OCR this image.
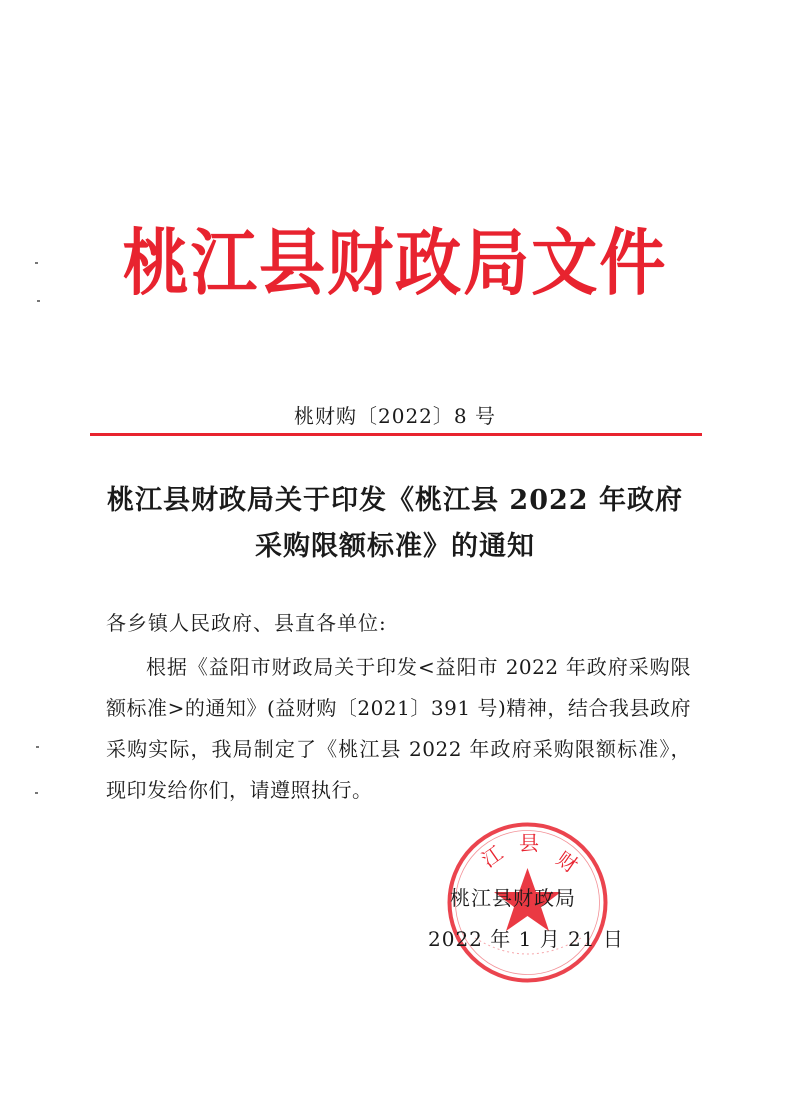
桃江县财政局文件
桃财购〔2022〕8 号
桃江县财政局关于印发《桃江县 2022 年政府
采购限额标准》的通知
各乡镇人民政府、县直各单位:
根据《益阳市财政局关于印发<益阳市 2022 年政府采购限额标准>的通知》(益财购〔2021〕391 号)精神，结合我县政府采购实际，我局制定了《桃江县 2022 年政府采购限额标准》，现印发给你们，请遵照执行。
江 县
财
桃江县财政局
2022 年 1 月 21 日
